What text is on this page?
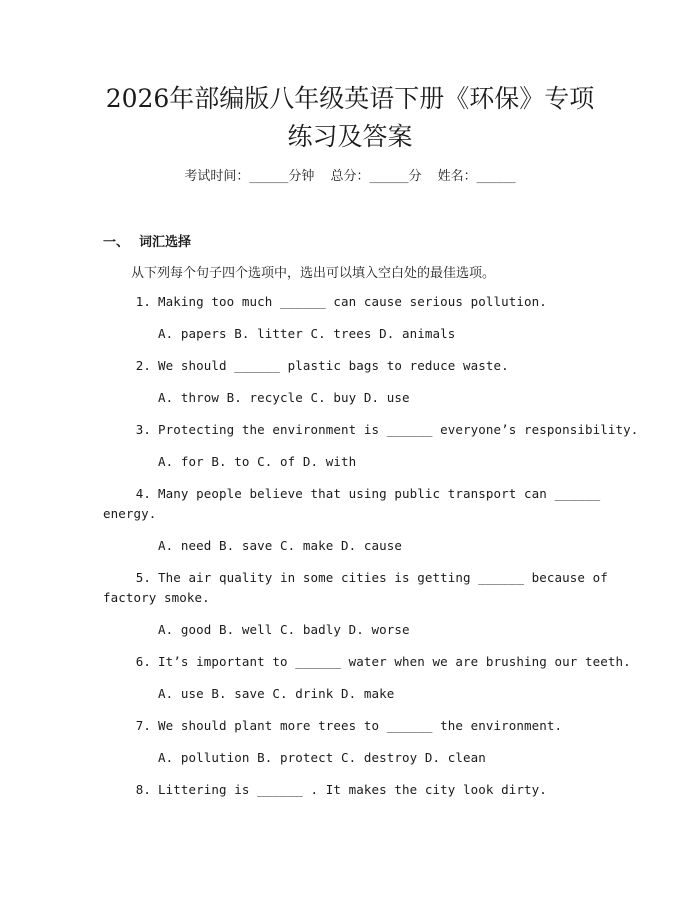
2026年部编版八年级英语下册《环保》专项
练习及答案
考试时间：______分钟 总分：______分 姓名：______
一、 词汇选择
从下列每个句子四个选项中，选出可以填入空白处的最佳选项。
1. Making too much ______ can cause serious pollution.
A. papers B. litter C. trees D. animals
2. We should ______ plastic bags to reduce waste.
A. throw B. recycle C. buy D. use
3. Protecting the environment is ______ everyone’s responsibility.
A. for B. to C. of D. with
4. Many people believe that using public transport can ______
energy.
A. need B. save C. make D. cause
5. The air quality in some cities is getting ______ because of
factory smoke.
A. good B. well C. badly D. worse
6. It’s important to ______ water when we are brushing our teeth.
A. use B. save C. drink D. make
7. We should plant more trees to ______ the environment.
A. pollution B. protect C. destroy D. clean
8. Littering is ______ . It makes the city look dirty.
